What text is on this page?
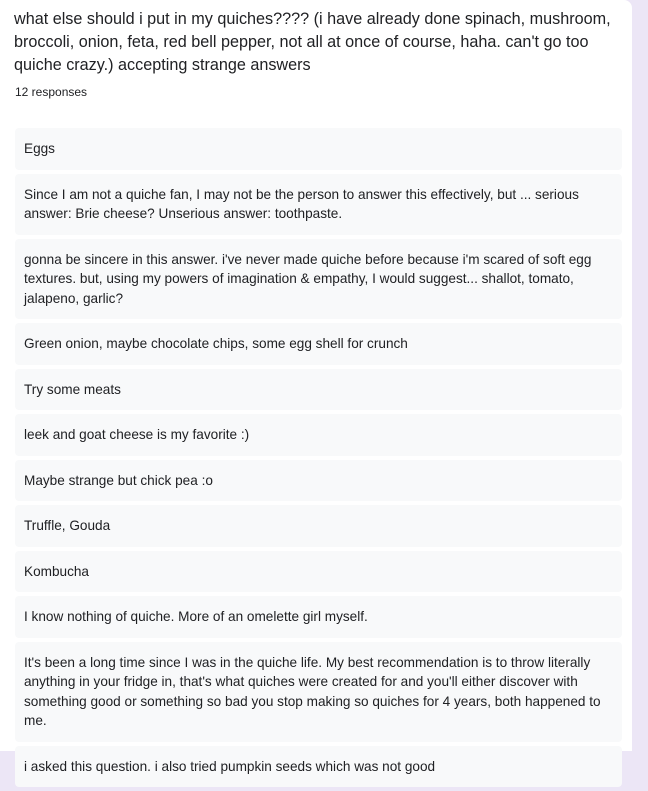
what else should i put in my quiches???? (i have already done spinach, mushroom, broccoli, onion, feta, red bell pepper, not all at once of course, haha. can't go too quiche crazy.) accepting strange answers
12 responses
Eggs
Since I am not a quiche fan, I may not be the person to answer this effectively, but ... serious answer: Brie cheese? Unserious answer: toothpaste.
gonna be sincere in this answer. i've never made quiche before because i'm scared of soft egg textures. but, using my powers of imagination & empathy, I would suggest... shallot, tomato, jalapeno, garlic?
Green onion, maybe chocolate chips, some egg shell for crunch
Try some meats
leek and goat cheese is my favorite :)
Maybe strange but chick pea :o
Truffle, Gouda
Kombucha
I know nothing of quiche. More of an omelette girl myself.
It's been a long time since I was in the quiche life. My best recommendation is to throw literally anything in your fridge in, that's what quiches were created for and you'll either discover with something good or something so bad you stop making so quiches for 4 years, both happened to me.
i asked this question. i also tried pumpkin seeds which was not good
